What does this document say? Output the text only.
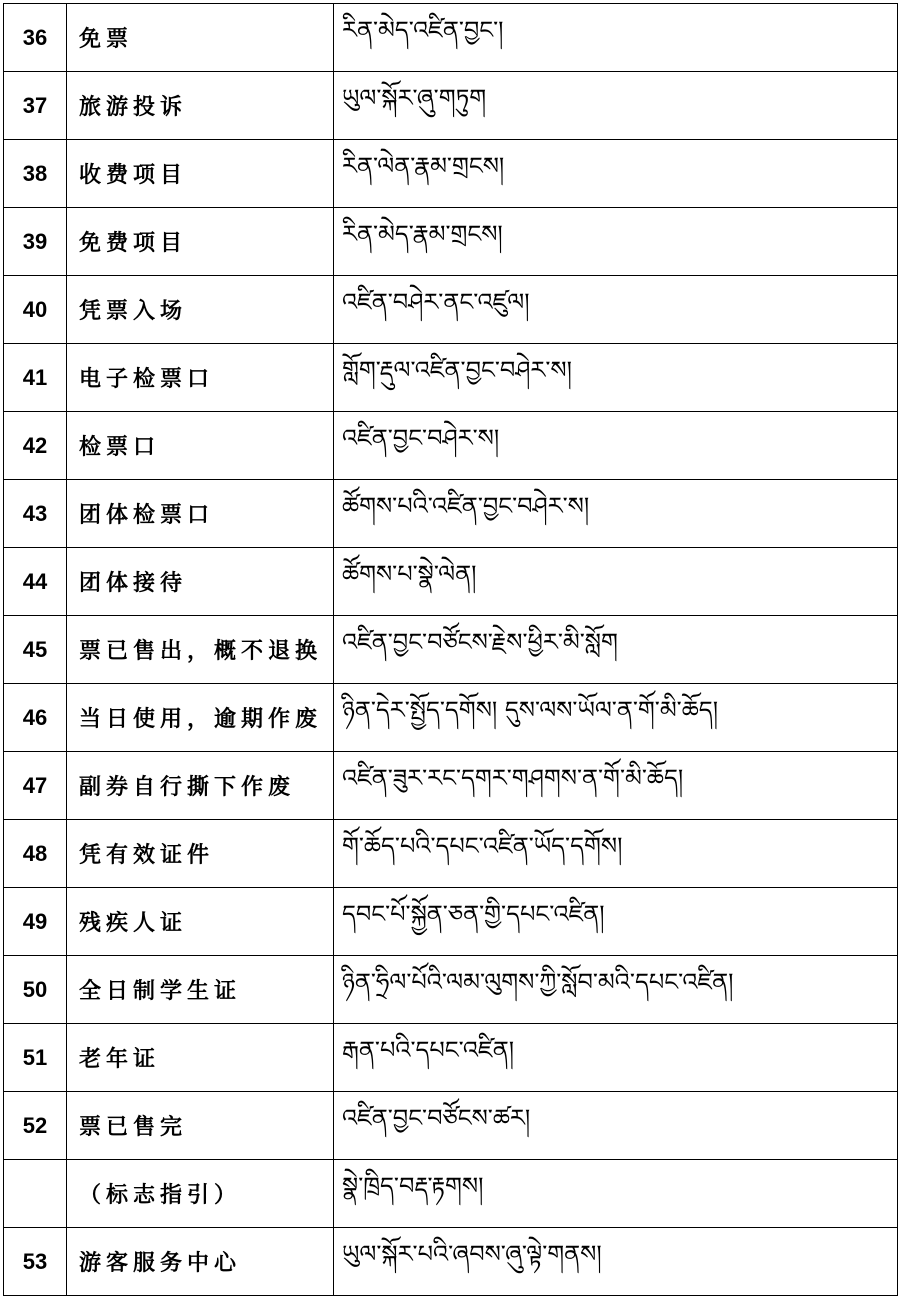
36	免票	རིན་མེད་འཛིན་བྱང་།
37	旅游投诉	ཡུལ་སྐོར་ཞུ་གཏུག
38	收费项目	རིན་ལེན་རྣམ་གྲངས།
39	免费项目	རིན་མེད་རྣམ་གྲངས།
40	凭票入场	འཛིན་བཤེར་ནང་འཛུལ།
41	电子检票口	གློག་རྡུལ་འཛིན་བྱང་བཤེར་ས།
42	检票口	འཛིན་བྱང་བཤེར་ས།
43	团体检票口	ཚོགས་པའི་འཛིན་བྱང་བཤེར་ས།
44	团体接待	ཚོགས་པ་སྣེ་ལེན།
45	票已售出，概不退换	འཛིན་བྱང་བཙོངས་རྗེས་ཕྱིར་མི་སློག
46	当日使用，逾期作废	ཉིན་དེར་སྤྱོད་དགོས། དུས་ལས་ཡོལ་ན་གོ་མི་ཆོད།
47	副券自行撕下作废	འཛིན་ཟུར་རང་དགར་གཤགས་ན་གོ་མི་ཆོད།
48	凭有效证件	གོ་ཆོད་པའི་དཔང་འཛིན་ཡོད་དགོས།
49	残疾人证	དབང་པོ་སྐྱོན་ཅན་གྱི་དཔང་འཛིན།
50	全日制学生证	ཉིན་ཧྲིལ་པོའི་ལམ་ལུགས་ཀྱི་སློབ་མའི་དཔང་འཛིན།
51	老年证	རྒན་པའི་དཔང་འཛིན།
52	票已售完	འཛིན་བྱང་བཙོངས་ཚར།
	（标志指引）	སྣེ་ཁྲིད་བརྡ་རྟགས།
53	游客服务中心	ཡུལ་སྐོར་པའི་ཞབས་ཞུ་ལྟེ་གནས།
